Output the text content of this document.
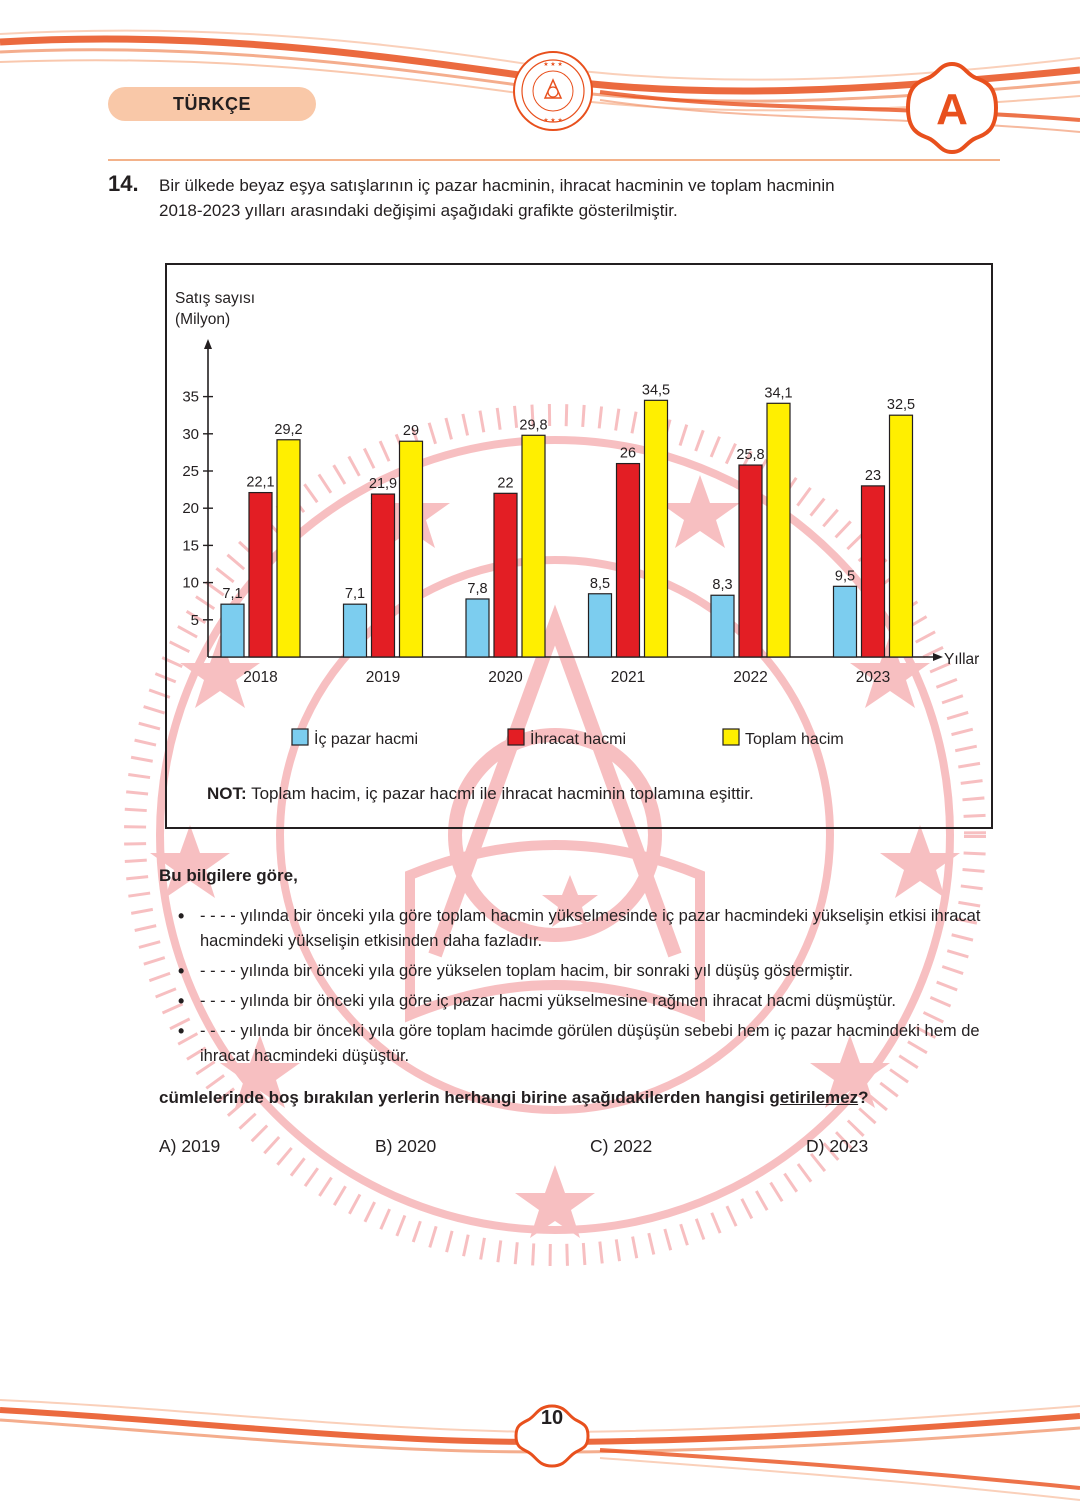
★ ★ ★
★ ★ ★
TÜRKÇE	A
14. Bir ülkede beyaz eşya satışlarının iç pazar hacminin, ihracat hacminin ve toplam hacminin
2018-2023 yılları arasındaki değişimi aşağıdaki grafikte gösterilmiştir.
Satış sayısı
(Milyon)
Yıllar
5
10
15
20
25
30
35
7,1
22,1
29,2
2018
7,1
21,9
29
2019
7,8
22
29,8
2020
8,5
26
34,5
2021
8,3
25,8
34,1
2022
9,5
23
32,5
2023
İç pazar hacmi	İhracat hacmi	Toplam hacim
NOT: Toplam hacim, iç pazar hacmi ile ihracat hacminin toplamına eşittir.
Bu bilgilere göre,
• - - - - yılında bir önceki yıla göre toplam hacmin yükselmesinde iç pazar hacmindeki yükselişin etkisi ihracat hacmindeki yükselişin etkisinden daha fazladır.
• - - - - yılında bir önceki yıla göre yükselen toplam hacim, bir sonraki yıl düşüş göstermiştir.
• - - - - yılında bir önceki yıla göre iç pazar hacmi yükselmesine rağmen ihracat hacmi düşmüştür.
• - - - - yılında bir önceki yıla göre toplam hacimde görülen düşüşün sebebi hem iç pazar hacmindeki hem de ihracat hacmindeki düşüştür.
cümlelerinde boş bırakılan yerlerin herhangi birine aşağıdakilerden hangisi getirilemez?
A) 2019	B) 2020	C) 2022	D) 2023
10
